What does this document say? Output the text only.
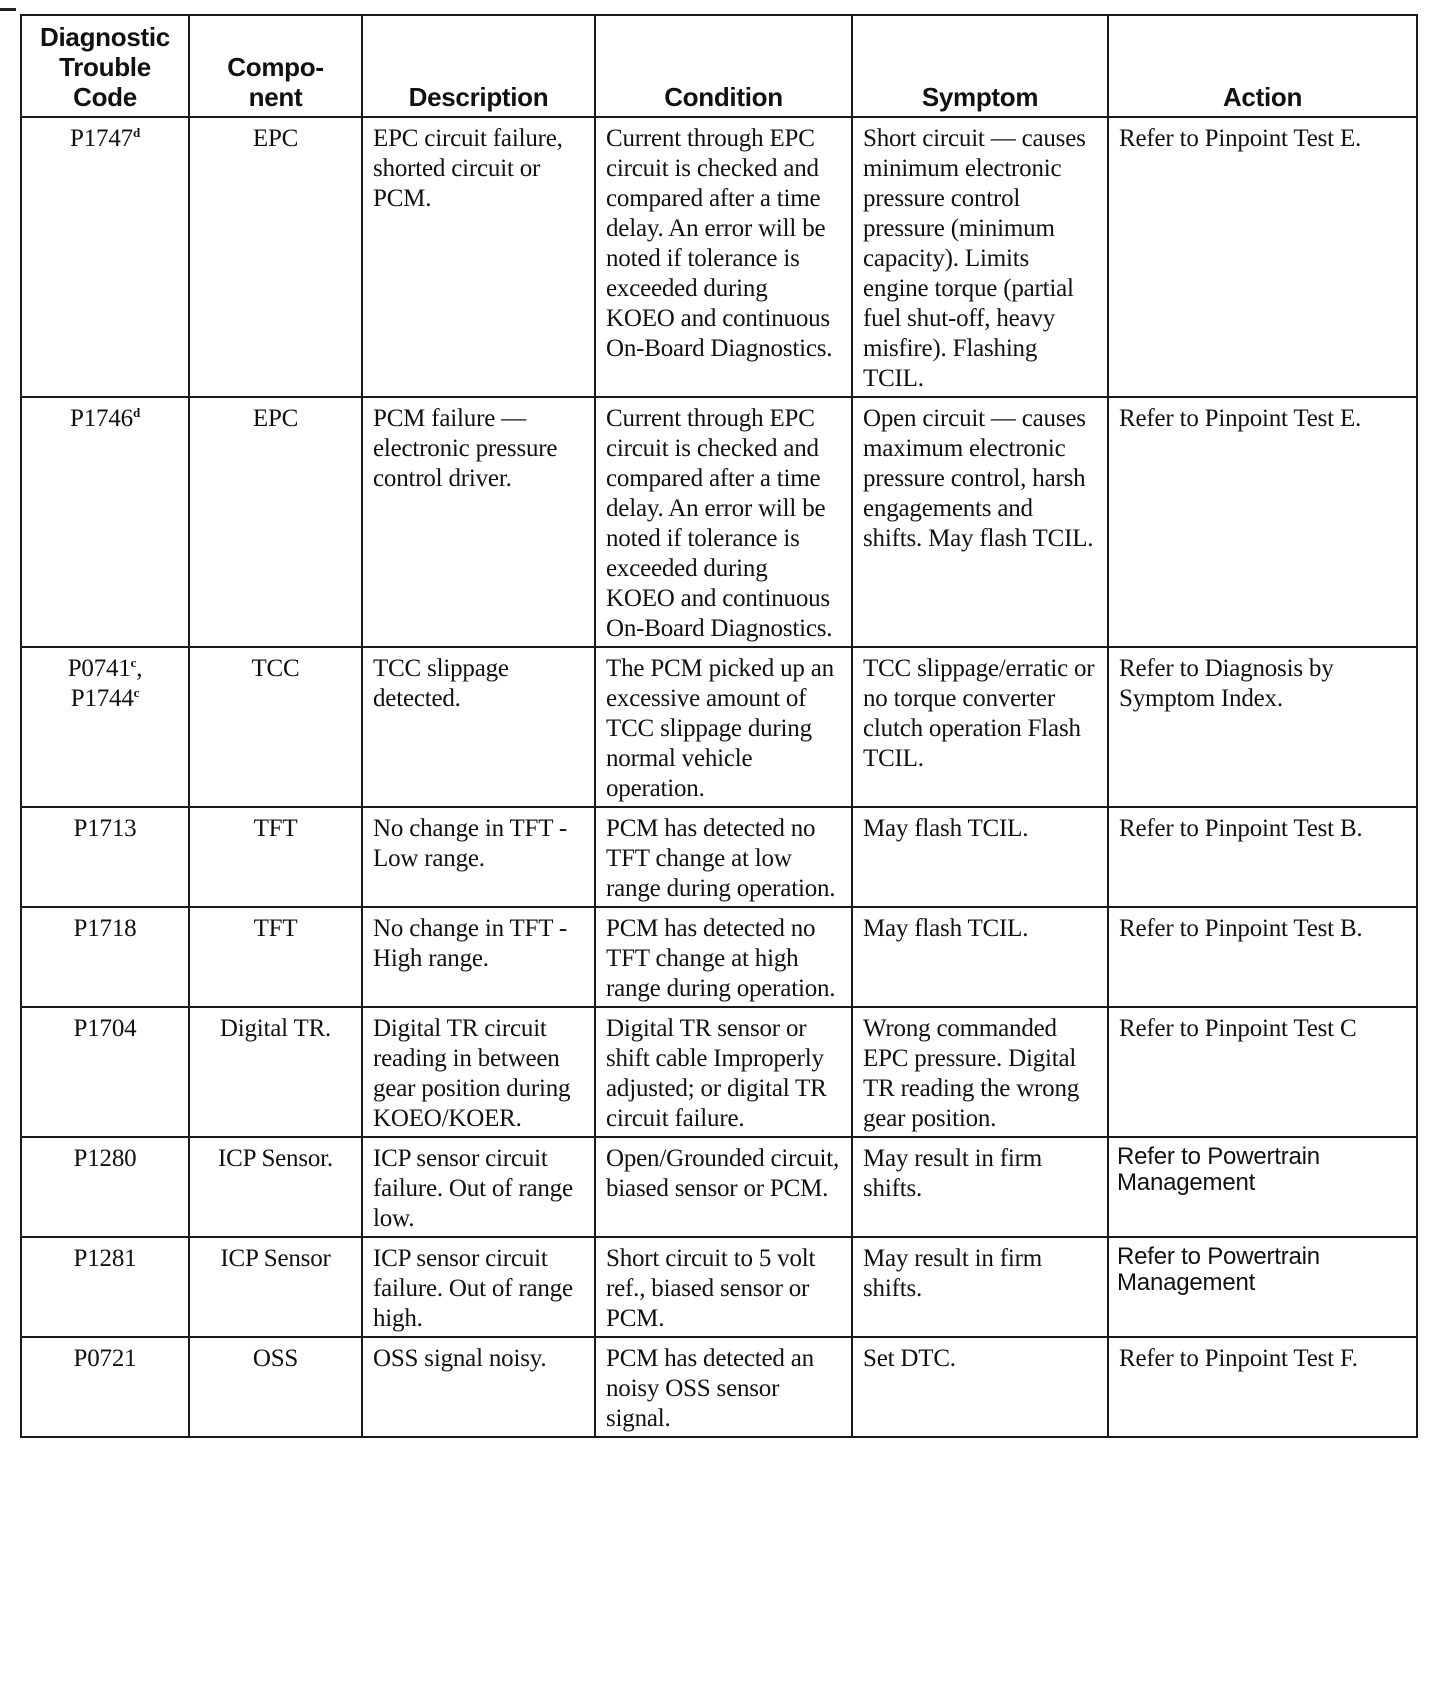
Diagnostic Trouble Code	Compo- nent	Description	Condition	Symptom	Action

P1747$^d$	EPC	EPC circuit failure, shorted circuit or PCM.	Current through EPC circuit is checked and compared after a time delay. An error will be noted if tolerance is exceeded during KOEO and continuous On-Board Diagnostics.	Short circuit — causes minimum electronic pressure control pressure (minimum capacity). Limits engine torque (partial fuel shut-off, heavy misfire). Flashing TCIL.	Refer to Pinpoint Test E.

P1746$^d$	EPC	PCM failure — electronic pressure control driver.	Current through EPC circuit is checked and compared after a time delay. An error will be noted if tolerance is exceeded during KOEO and continuous On-Board Diagnostics.	Open circuit — causes maximum electronic pressure control, harsh engagements and shifts. May flash TCIL.	Refer to Pinpoint Test E.

P0741$^c$,
P1744$^c$	TCC	TCC slippage detected.	The PCM picked up an excessive amount of TCC slippage during normal vehicle operation.	TCC slippage/erratic or no torque converter clutch operation Flash TCIL.	Refer to Diagnosis by Symptom Index.

P1713	TFT	No change in TFT - Low range.	PCM has detected no TFT change at low range during operation.	May flash TCIL.	Refer to Pinpoint Test B.

P1718	TFT	No change in TFT - High range.	PCM has detected no TFT change at high range during operation.	May flash TCIL.	Refer to Pinpoint Test B.

P1704	Digital TR.	Digital TR circuit reading in between gear position during KOEO/KOER.	Digital TR sensor or shift cable Improperly adjusted; or digital TR circuit failure.	Wrong commanded EPC pressure. Digital TR reading the wrong gear position.	Refer to Pinpoint Test C

P1280	ICP Sensor.	ICP sensor circuit failure. Out of range low.	Open/Grounded circuit, biased sensor or PCM.	May result in firm shifts.	Refer to Powertrain Management

P1281	ICP Sensor	ICP sensor circuit failure. Out of range high.	Short circuit to 5 volt ref., biased sensor or PCM.	May result in firm shifts.	Refer to Powertrain Management

P0721	OSS	OSS signal noisy.	PCM has detected an noisy OSS sensor signal.	Set DTC.	Refer to Pinpoint Test F.
